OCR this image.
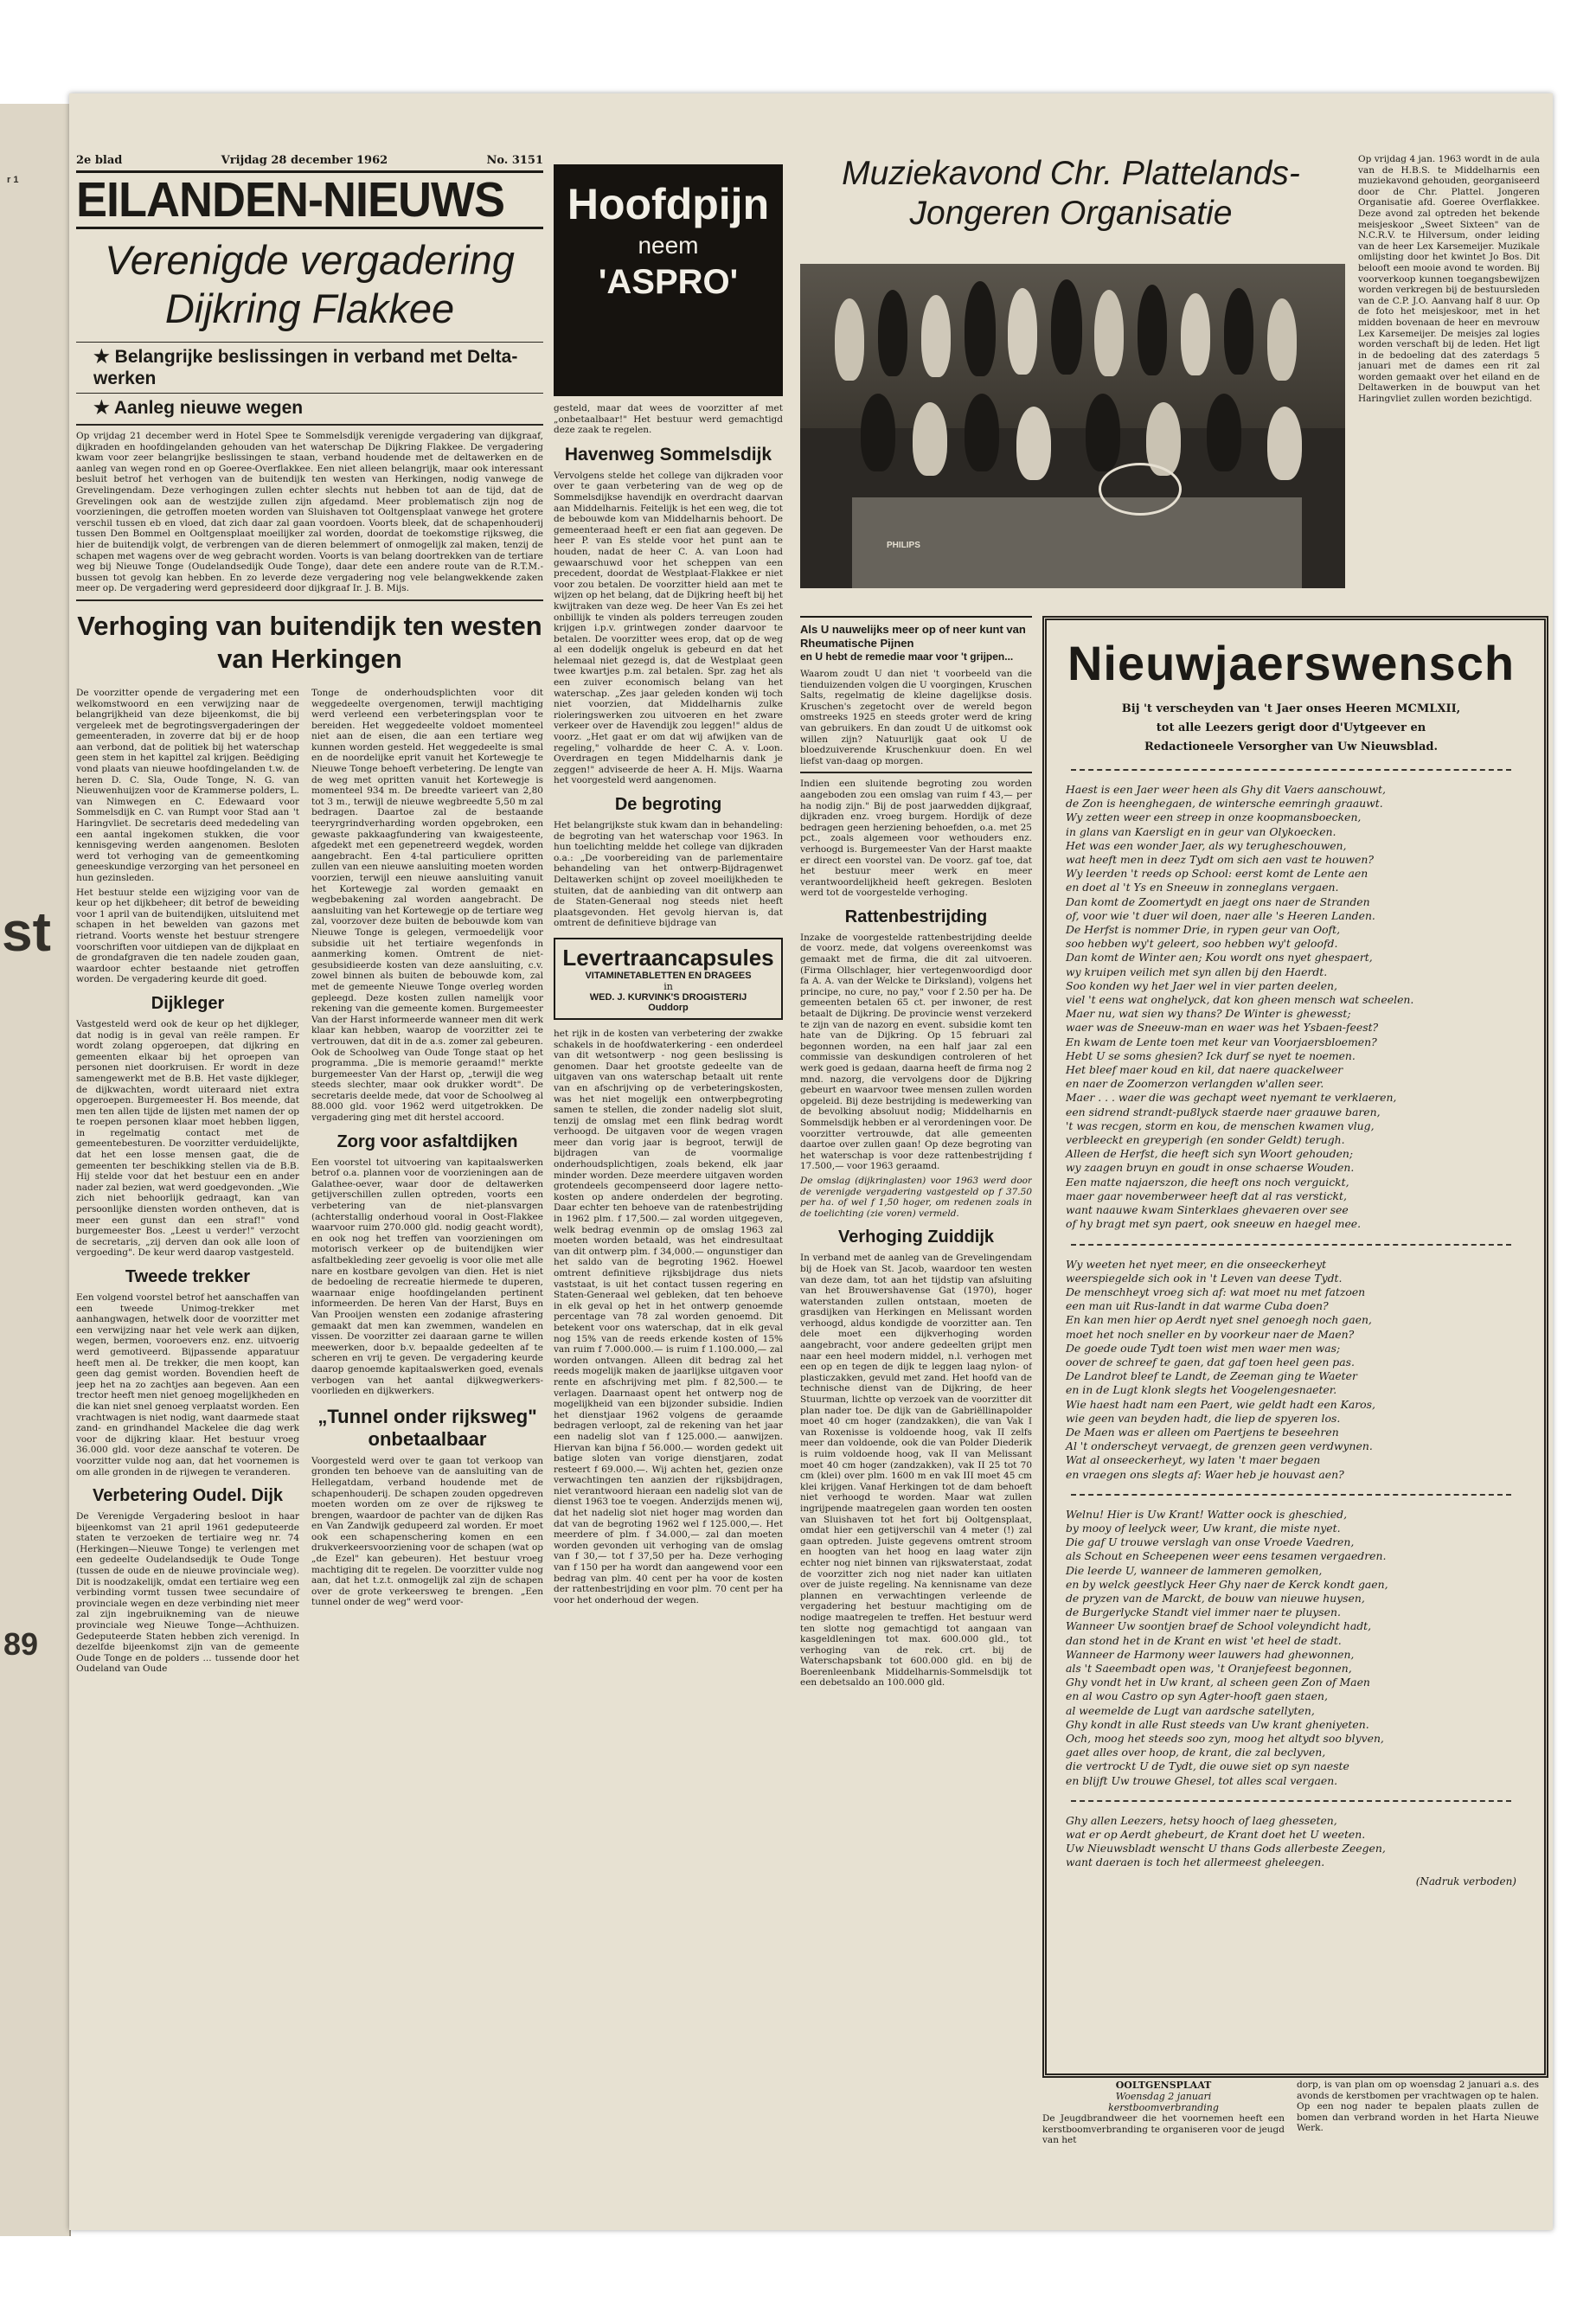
r 1
st
89
2e blad	Vrijdag 28 december 1962	No. 3151
EILANDEN-NIEUWS
Verenigde vergadering Dijkring Flakkee
★ Belangrijke beslissingen in verband met Delta-werken
★ Aanleg nieuwe wegen

Op vrijdag 21 december werd in Hotel Spee te Sommelsdijk verenigde vergadering van dijkgraaf, dijkraden en hoofdingelanden gehouden van het waterschap De Dijkring Flakkee. De vergadering kwam voor zeer belangrijke beslissingen te staan, verband houdende met de deltawerken en de aanleg van wegen rond en op Goeree-Overflakkee. Een niet alleen belangrijk, maar ook interessant besluit betrof het verhogen van de buitendijk ten westen van Herkingen, nodig vanwege de Grevelingendam. Deze verhogingen zullen echter slechts nut hebben tot aan de tijd, dat de Grevelingen ook aan de westzijde zullen zijn afgedamd. Meer problematisch zijn nog de voorzieningen, die getroffen moeten worden van Sluishaven tot Ooltgensplaat vanwege het grotere verschil tussen eb en vloed, dat zich daar zal gaan voordoen. Voorts bleek, dat de schapenhouderij tussen Den Bommel en Ooltgensplaat moeilijker zal worden, doordat de toekomstige rijksweg, die hier de buitendijk volgt, de verbrengen van de dieren belemmert of onmogelijk zal maken, tenzij de schapen met wagens over de weg gebracht worden. Voorts is van belang doortrekken van de tertiare weg bij Nieuwe Tonge (Oudelandsedijk Oude Tonge), daar dete een andere route van de R.T.M.-bussen tot gevolg kan hebben. En zo leverde deze vergadering nog vele belangwekkende zaken meer op. De vergadering werd gepresideerd door dijkgraaf Ir. J. B. Mijs.

Verhoging van buitendijk ten westen van Herkingen

De voorzitter opende de vergadering met een welkomstwoord en een verwijzing naar de belangrijkheid van deze bijeenkomst, die bij vergeleek met de begrotingsvergaderingen der gemeenteraden, in zoverre dat bij er de hoop aan verbond, dat de politiek bij het waterschap geen stem in het kapittel zal krijgen. Beëdiging vond plaats van nieuwe hoofdingelanden t.w. de heren D. C. Sla, Oude Tonge, N. G. van Nieuwenhuijzen voor de Krammerse polders, L. van Nimwegen en C. Edewaard voor Sommelsdijk en C. van Rumpt voor Stad aan 't Haringvliet. De secretaris deed mededeling van een aantal ingekomen stukken, die voor kennisgeving werden aangenomen. Besloten werd tot verhoging van de gemeentkoming geneeskundige verzorging van het personeel en hun gezinsleden.

Het bestuur stelde een wijziging voor van de keur op het dijkbeheer; dit betrof de beweiding voor 1 april van de buitendijken, uitsluitend met schapen in het bewelden van gazons met rietrand. Voorts wenste het bestuur strengere voorschriften voor uitdiepen van de dijkplaat en de grondafgraven die ten nadele zouden gaan, waardoor echter bestaande niet getroffen worden. De vergadering keurde dit goed.

Dijkleger

Vastgesteld werd ook de keur op het dijkleger, dat nodig is in geval van reële rampen. Er wordt zolang opgeroepen, dat dijkring en gemeenten elkaar bij het oproepen van personen niet doorkruisen. Er wordt in deze samengewerkt met de B.B. Het vaste dijkleger, de dijkwachten, wordt uiteraard niet extra opgeroepen. Burgemeester H. Bos meende, dat men ten allen tijde de lijsten met namen der op te roepen personen klaar moet hebben liggen, in regelmatig contact met de gemeentebesturen. De voorzitter verduidelijkte, dat het een losse mensen gaat, die de gemeenten ter beschikking stellen via de B.B. Hij stelde voor dat het bestuur een en ander nader zal bezien, wat werd goedgevonden. „Wie zich niet behoorlijk gedraagt, kan van persoonlijke diensten worden ontheven, dat is meer een gunst dan een straf!" vond burgemeester Bos. „Leest u verder!" verzocht de secretaris, „zij derven dan ook alle loon of vergoeding". De keur werd daarop vastgesteld.

Tweede trekker

Een volgend voorstel betrof het aanschaffen van een tweede Unimog-trekker met aanhangwagen, hetwelk door de voorzitter met een verwijzing naar het vele werk aan dijken, wegen, bermen, vooroevers enz. enz. uitvoerig werd gemotiveerd. Bijpassende apparatuur heeft men al. De trekker, die men koopt, kan geen dag gemist worden. Bovendien heeft de jeep het na zo zachtjes aan begeven. Aan een trector heeft men niet genoeg mogelijkheden en die kan niet snel genoeg verplaatst worden. Een vrachtwagen is niet nodig, want daarmede staat zand- en grindhandel Mackelee die dag werk voor de dijkring klaar. Het bestuur vroeg 36.000 gld. voor deze aanschaf te voteren. De voorzitter vulde nog aan, dat het voornemen is om alle gronden in de rijwegen te veranderen.

Verbetering Oudel. Dijk

De Verenigde Vergadering besloot in haar bijeenkomst van 21 april 1961 gedeputeerde staten te verzoeken de tertiaire weg nr. 74 (Herkingen—Nieuwe Tonge) te verlengen met een gedeelte Oudelandsedijk te Oude Tonge (tussen de oude en de nieuwe provinciale weg). Dit is noodzakelijk, omdat een tertiaire weg een verbinding vormt tussen twee secundaire of provinciale wegen en deze verbinding niet meer zal zijn ingebruikneming van de nieuwe provinciale weg Nieuwe Tonge—Achthuizen. Gedeputeerde Staten hebben zich verenigd. In dezelfde bijeenkomst zijn van de gemeente Oude Tonge en de polders ... tussende door het Oudeland van Oude

Tonge de onderhoudsplichten voor dit weggedeelte overgenomen, terwijl machtiging werd verleend een verbeteringsplan voor te bereiden. Het weggedeelte voldoet momenteel niet aan de eisen, die aan een tertiare weg kunnen worden gesteld. Het weggedeelte is smal en de noordelijke eprit vanuit het Kortewegje te Nieuwe Tonge behoeft verbetering. De lengte van de weg met opritten vanuit het Kortewegje is momenteel 934 m. De breedte varieert van 2,80 tot 3 m., terwijl de nieuwe wegbreedte 5,50 m zal bedragen. Daartoe zal de bestaande teeryrgrindverharding worden opgebroken, een gewaste pakkaagfundering van kwaigesteente, afgedekt met een gepenetreerd wegdek, worden aangebracht. Een 4-tal particuliere opritten zullen van een nieuwe aansluiting moeten worden voorzien, terwijl een nieuwe aansluiting vanuit het Kortewegje zal worden gemaakt en wegbebakening zal worden aangebracht. De aansluiting van het Kortewegje op de tertiare weg zal, voorzover deze buiten de bebouwde kom van Nieuwe Tonge is gelegen, vermoedelijk voor subsidie uit het tertiaire wegenfonds in aanmerking komen. Omtrent de niet-gesubsidieerde kosten van deze aansluiting, c.v. zowel binnen als buiten de bebouwde kom, zal met de gemeente Nieuwe Tonge overleg worden gepleegd. Deze kosten zullen namelijk voor rekening van die gemeente komen. Burgemeester Van der Harst informeerde wanneer men dit werk klaar kan hebben, waarop de voorzitter zei te vertrouwen, dat dit in de a.s. zomer zal gebeuren. Ook de Schoolweg van Oude Tonge staat op het programma. „Die is memorie geraamd!" merkte burgemeester Van der Harst op, „terwijl die weg steeds slechter, maar ook drukker wordt". De secretaris deelde mede, dat voor de Schoolweg al 88.000 gld. voor 1962 werd uitgetrokken. De vergadering ging met dit herstel accoord.

Zorg voor asfaltdijken

Een voorstel tot uitvoering van kapitaalswerken betrof o.a. plannen voor de voorzieningen aan de Galathee-oever, waar door de deltawerken getijverschillen zullen optreden, voorts een verbetering van de niet-plansvargen (achterstallig onderhoud vooral in Oost-Flakkee waarvoor ruim 270.000 gld. nodig geacht wordt), en ook nog het treffen van voorzieningen om motorisch verkeer op de buitendijken wier asfaltbekleding zeer gevoelig is voor olie met alle nare en kostbare gevolgen van dien. Het is niet de bedoeling de recreatie hiermede te duperen, waarnaar enige hoofdingelanden pertinent informeerden. De heren Van der Harst, Buys en Van Prooijen wensten een zodanige afrastering gemaakt dat men kan zwemmen, wandelen en vissen. De voorzitter zei daaraan garne te willen meewerken, door b.v. bepaalde gedeelten af te scheren en vrij te geven. De vergadering keurde daarop genoemde kapitaalswerken goed, evenals verbogen van het aantal dijkwegwerkers-voorlieden en dijkwerkers.

„Tunnel onder rijksweg" onbetaalbaar

Voorgesteld werd over te gaan tot verkoop van gronden ten behoeve van de aansluiting van de Hellegatdam, verband houdende met de schapenhouderij. De schapen zouden opgedreven moeten worden om ze over de rijksweg te brengen, waardoor de pachter van de dijken Ras en Van Zandwijk gedupeerd zal worden. Er moet ook een schapenschering komen en een drukverkeersvoorziening voor de schapen (wat op „de Ezel" kan gebeuren). Het bestuur vroeg machtiging dit te regelen. De voorzitter vulde nog aan, dat het t.z.t. onmogelijk zal zijn de schapen over de grote verkeersweg te brengen. „Een tunnel onder de weg" werd voor-

Hoofdpijn
neem
'ASPRO'

gesteld, maar dat wees de voorzitter af met „onbetaalbaar!" Het bestuur werd gemachtigd deze zaak te regelen.

Havenweg Sommelsdijk

Vervolgens stelde het college van dijkraden voor over te gaan verbetering van de weg op de Sommelsdijkse havendijk en overdracht daarvan aan Middelharnis. Feitelijk is het een weg, die tot de bebouwde kom van Middelharnis behoort. De gemeenteraad heeft er een fiat aan gegeven. De heer P. van Es stelde voor het punt aan te houden, nadat de heer C. A. van Loon had gewaarschuwd voor het scheppen van een precedent, doordat de Westplaat-Flakkee er niet voor zou betalen. De voorzitter hield aan met te wijzen op het belang, dat de Dijkring heeft bij het kwijtraken van deze weg. De heer Van Es zei het onbillijk te vinden als polders terreugen zouden krijgen i.p.v. grintwegen zonder daarvoor te betalen. De voorzitter wees erop, dat op de weg al een dodelijk ongeluk is gebeurd en dat het helemaal niet gezegd is, dat de Westplaat geen twee kwartjes p.m. zal betalen. Spr. zag het als een zuiver economisch belang van het waterschap. „Zes jaar geleden konden wij toch niet voorzien, dat Middelharnis zulke rioleringswerken zou uitvoeren en het zware verkeer over de Havendijk zou leggen!" aldus de voorz. „Het gaat er om dat wij afwijken van de regeling," volhardde de heer C. A. v. Loon. Overdragen en tegen Middelharnis dank je zeggen!" adviseerde de heer A. H. Mijs. Waarna het voorgesteld werd aangenomen.

De begroting

Het belangrijkste stuk kwam dan in behandeling: de begroting van het waterschap voor 1963. In hun toelichting meldde het college van dijkraden o.a.: „De voorbereiding van de parlementaire behandeling van het ontwerp-Bijdragenwet Deltawerken schijnt op zoveel moeilijkheden te stuiten, dat de aanbieding van dit ontwerp aan de Staten-Generaal nog steeds niet heeft plaatsgevonden. Het gevolg hiervan is, dat omtrent de definitieve bijdrage van

Levertraancapsules
VITAMINETABLETTEN EN DRAGEES
in
WED. J. KURVINK'S DROGISTERIJ
Ouddorp

het rijk in de kosten van verbetering der zwakke schakels in de hoofdwaterkering - een onderdeel van dit wetsontwerp - nog geen beslissing is genomen. Daar het grootste gedeelte van de uitgaven van ons waterschap betaalt uit rente van en afschrijving op de verbeteringskosten, was het niet mogelijk een ontwerpbegroting samen te stellen, die zonder nadelig slot sluit, tenzij de omslag met een flink bedrag wordt verhoogd. De uitgaven voor de wegen vragen meer dan vorig jaar is begroot, terwijl de bijdragen van de voormalige onderhoudsplichtigen, zoals bekend, elk jaar minder worden. Deze meerdere uitgaven worden grotendeels gecompenseerd door lagere netto-kosten op andere onderdelen der begroting. Daar echter ten behoeve van de ratenbestrijding in 1962 plm. f 17,500.— zal worden uitgegeven, welk bedrag evenmin op de omslag 1963 zal moeten worden betaald, was het eindresultaat van dit ontwerp plm. f 34,000.— ongunstiger dan het saldo van de begroting 1962. Hoewel omtrent definitieve rijksbijdrage dus niets vaststaat, is uit het contact tussen regering en Staten-Generaal wel gebleken, dat ten behoeve in elk geval op het in het ontwerp genoemde percentage van 78 zal worden genoemd. Dit betekent voor ons waterschap, dat in elk geval nog 15% van de reeds erkende kosten of 15% van ruim f 7.000.000.— is ruim f 1.100.000,— zal worden ontvangen. Alleen dit bedrag zal het reeds mogelijk maken de jaarlijkse uitgaven voor rente en afschrijving met plm. f 82,500.— te verlagen. Daarnaast opent het ontwerp nog de mogelijkheid van een bijzonder subsidie. Indien het dienstjaar 1962 volgens de geraamde bedragen verloopt, zal de rekening van het jaar een nadelig slot van f 125.000.— aanwijzen. Hiervan kan bijna f 56.000.— worden gedekt uit batige sloten van vorige dienstjaren, zodat resteert f 69.000.—. Wij achten het, gezien onze verwachtingen ten aanzien der rijksbijdragen, niet verantwoord hieraan een nadelig slot van de dienst 1963 toe te voegen. Anderzijds menen wij, dat het nadelig slot niet hoger mag worden dan dat van de begroting 1962 wel f 125.000,—. Het meerdere of plm. f 34.000,— zal dan moeten worden gevonden uit verhoging van de omslag van f 30,— tot f 37,50 per ha. Deze verhoging van f 150 per ha wordt dan aangewend voor een bedrag van plm. 40 cent per ha voor de kosten der rattenbestrijding en voor plm. 70 cent per ha voor het onderhoud der wegen.

Muziekavond Chr. Plattelands-Jongeren Organisatie
PHILIPS
Als U nauwelijks meer op of neer kunt van Rheumatische Pijnen
en U hebt de remedie maar voor 't grijpen...

Waarom zoudt U dan niet 't voorbeeld van die tienduizenden volgen die U voorgingen, Kruschen Salts, regelmatig de kleine dagelijkse dosis. Kruschen's zegetocht over de wereld begon omstreeks 1925 en steeds groter werd de kring van gebruikers. En dan zoudt U de uitkomst ook willen zijn? Natuurlijk gaat ook U de bloedzuiverende Kruschenkuur doen. En wel liefst van-daag op morgen.

Indien een sluitende begroting zou worden aangeboden zou een omslag van ruim f 43,— per ha nodig zijn." Bij de post jaarwedden dijkgraaf, dijkraden enz. vroeg burgem. Hordijk of deze bedragen geen herziening behoefden, o.a. met 25 pct., zoals algemeen voor wethouders enz. verhoogd is. Burgemeester Van der Harst maakte er direct een voorstel van. De voorz. gaf toe, dat het bestuur meer werk en meer verantwoordelijkheid heeft gekregen. Besloten werd tot de voorgestelde verhoging.

Rattenbestrijding

Inzake de voorgestelde rattenbestrijding deelde de voorz. mede, dat volgens overeenkomst was gemaakt met de firma, die dit zal uitvoeren. (Firma Ollschlager, hier vertegenwoordigd door fa A. A. van der Welcke te Dirksland), volgens het principe, no cure, no pay," voor f 2.50 per ha. De gemeenten betalen 65 ct. per inwoner, de rest betaalt de Dijkring. De provincie wenst verzekerd te zijn van de nazorg en event. subsidie komt ten hate van de Dijkring. Op 15 februari zal begonnen worden, na een half jaar zal een commissie van deskundigen controleren of het werk goed is gedaan, daarna heeft de firma nog 2 mnd. nazorg, die vervolgens door de Dijkring gebeurt en waarvoor twee mensen zullen worden opgeleid. Bij deze bestrijding is medewerking van de bevolking absoluut nodig; Middelharnis en Sommelsdijk hebben er al verordeningen voor. De voorzitter vertrouwde, dat alle gemeenten daartoe over zullen gaan! Op deze begroting van het waterschap is voor deze rattenbestrijding f 17.500,— voor 1963 geraamd.

De omslag (dijkringlasten) voor 1963 werd door de verenigde vergadering vastgesteld op f 37.50 per ha. of wel f 1,50 hoger, om redenen zoals in de toelichting (zie voren) vermeld.

Verhoging Zuiddijk

In verband met de aanleg van de Grevelingendam bij de Hoek van St. Jacob, waardoor ten westen van deze dam, tot aan het tijdstip van afsluiting van het Brouwershavense Gat (1970), hoger waterstanden zullen ontstaan, moeten de grasdijken van Herkingen en Melissant worden verhoogd, aldus kondigde de voorzitter aan. Ten dele moet een dijkverhoging worden aangebracht, voor andere gedeelten grijpt men naar een heel modern middel, n.l. verhogen met een op en tegen de dijk te leggen laag nylon- of plasticzakken, gevuld met zand. Het hoofd van de technische dienst van de Dijkring, de heer Stuurman, lichtte op verzoek van de voorzitter dit plan nader toe. De dijk van de Gabriëllinapolder moet 40 cm hoger (zandzakken), die van Vak I van Roxenisse is voldoende hoog, vak II zelfs meer dan voldoende, ook die van Polder Diederik is ruim voldoende hoog, vak II van Melissant moet 40 cm hoger (zandzakken), vak II 25 tot 70 cm (klei) over plm. 1600 m en vak III moet 45 cm klei krijgen. Vanaf Herkingen tot de dam behoeft niet verhoogd te worden. Maar wat zullen ingrijpende maatregelen gaan worden ten oosten van Sluishaven tot het fort bij Ooltgensplaat, omdat hier een getijverschil van 4 meter (!) zal gaan optreden. Juiste gegevens omtrent stroom en hoogten van het hoog en laag water zijn echter nog niet binnen van rijkswaterstaat, zodat de voorzitter zich nog niet nader kan uitlaten over de juiste regeling. Na kennisname van deze plannen en verwachtingen verleende de vergadering het bestuur machtiging om de nodige maatregelen te treffen. Het bestuur werd ten slotte nog gemachtigd tot aangaan van kasgeldleningen tot max. 600.000 gld., tot verhoging van de rek. crt. bij de Waterschapsbank tot 600.000 gld. en bij de Boerenleenbank Middelharnis-Sommelsdijk tot een debetsaldo an 100.000 gld.

Op vrijdag 4 jan. 1963 wordt in de aula van de H.B.S. te Middelharnis een muziekavond gehouden, georganiseerd door de Chr. Plattel. Jongeren Organisatie afd. Goeree Overflakkee. Deze avond zal optreden het bekende meisjeskoor „Sweet Sixteen" van de N.C.R.V. te Hilversum, onder leiding van de heer Lex Karsemeijer. Muzikale omlijsting door het kwintet Jo Bos. Dit belooft een mooie avond te worden. Bij voorverkoop kunnen toegangsbewijzen worden verkregen bij de bestuursleden van de C.P. J.O. Aanvang half 8 uur. Op de foto het meisjeskoor, met in het midden bovenaan de heer en mevrouw Lex Karsemeijer. De meisjes zal logies worden verschaft bij de leden. Het ligt in de bedoeling dat des zaterdags 5 januari met de dames een rit zal worden gemaakt over het eiland en de Deltawerken in de bouwput van het Haringvliet zullen worden bezichtigd.

Nieuwjaerswensch
Bij 't verscheyden van 't Jaer onses Heeren MCMLXII,
tot alle Leezers gerigt door d'Uytgeever en
Redactioneele Versorgher van Uw Nieuwsblad.

Haest is een Jaer weer heen als Ghy dit Vaers aanschouwt,
de Zon is heenghegaen, de wintersche eemringh graauwt.
Wy zetten weer een streep in onze koopmansboecken,
in glans van Kaersligt en in geur van Olykoecken.
Het was een wonder Jaer, als wy terugheschouwen,
wat heeft men in deez Tydt om sich aen vast te houwen?
Wy leerden 't reeds op School: eerst komt de Lente aen
en doet al 't Ys en Sneeuw in zonneglans vergaen.
Dan komt de Zoomertydt en jaegt ons naer de Stranden
of, voor wie 't duer wil doen, naer alle 's Heeren Landen.
De Herfst is nommer Drie, in rypen geur van Ooft,
soo hebben wy't geleert, soo hebben wy't geloofd.
Dan komt de Winter aen; Kou wordt ons nyet ghespaert,
wy kruipen veilich met syn allen bij den Haerdt.
Soo konden wy het Jaer wel in vier parten deelen,
viel 't eens wat onghelyck, dat kon gheen mensch wat scheelen.
Maer nu, wat sien wy thans? De Winter is ghewesst;
waer was de Sneeuw-man en waer was het Ysbaen-feest?
En kwam de Lente toen met keur van Voorjaersbloemen?
Hebt U se soms ghesien? Ick durf se nyet te noemen.
Het bleef maer koud en kil, dat naere quackelweer
en naer de Zoomerzon verlangden w'allen seer.
Maer . . . waer die was gechapt weet nyemant te verklaeren,
een sidrend strandt-pu8lyck staerde naer graauwe baren,
't was recgen, storm en kou, de menschen kwamen vlug,
verbleeckt en greyperigh (en sonder Geldt) terugh.
Alleen de Herfst, die heeft sich syn Woort gehouden;
wy zaagen bruyn en goudt in onse schaerse Wouden.
Een matte najaerszon, die heeft ons noch verguickt,
maer gaar novemberweer heeft dat al ras verstickt,
want naauwe kwam Sinterklaes ghevaeren over see
of hy bragt met syn paert, ook sneeuw en haegel mee.

Wy weeten het nyet meer, en die onseeckerheyt
weerspiegelde sich ook in 't Leven van deese Tydt.
De menschheyt vroeg sich af: wat moet nu met fatzoen
een man uit Rus-landt in dat warme Cuba doen?
En kan men hier op Aerdt nyet snel genoegh noch gaen,
moet het noch sneller en by voorkeur naer de Maen?
De goede oude Tydt toen wist men waer men was;
oover de schreef te gaen, dat gaf toen heel geen pas.
De Landrot bleef te Landt, de Zeeman ging te Waeter
en in de Lugt klonk slegts het Voogelengesnaeter.
Wie haest hadt nam een Paert, wie geldt hadt een Karos,
wie geen van beyden hadt, die liep de spyeren los.
De Maen was er alleen om Paertjens te beseehren
Al 't onderscheyt vervaegt, de grenzen geen verdwynen.
Wat al onseeckerheyt, wy laten 't maer begaen
en vraegen ons slegts af: Waer heb je houvast aen?

Welnu! Hier is Uw Krant! Watter oock is gheschied,
by mooy of leelyck weer, Uw krant, die miste nyet.
Die gaf U trouwe verslagh van onse Vroede Vaedren,
als Schout en Scheepenen weer eens tesamen vergaedren.
Die leerde U, wanneer de lammeren gemolken,
en by welck geestlyck Heer Ghy naer de Kerck kondt gaen,
de pryzen van de Marckt, de bouw van nieuwe huysen,
de Burgerlycke Standt viel immer naer te pluysen.
Wanneer Uw soontjen braef de School voleyndicht hadt,
dan stond het in de Krant en wist 'et heel de stadt.
Wanneer de Harmony weer lauwers had ghewonnen,
als 't Saeembadt open was, 't Oranjefeest begonnen,
Ghy vondt het in Uw krant, al scheen geen Zon of Maen
en al wou Castro op syn Agter-hooft gaen staen,
al weemelde de Lugt van aardsche satellyten,
Ghy kondt in alle Rust steeds van Uw krant gheniyeten.
Och, moog het steeds soo zyn, moog het altydt soo blyven,
gaet alles over hoop, de krant, die zal beclyven,
die vertrockt U de Tydt, die ouwe siet op syn naeste
en blijft Uw trouwe Ghesel, tot alles scal vergaen.

Ghy allen Leezers, hetsy hooch of laeg ghesseten,
wat er op Aerdt ghebeurt, de Krant doet het U weeten.
Uw Nieuwsbladt wenscht U thans Gods allerbeste Zeegen,
want daeraen is toch het allermeest gheleegen.

(Nadruk verboden)
OOLTGENSPLAAT
Woensdag 2 januari
kerstboomverbranding

De Jeugdbrandweer die het voornemen heeft een kerstboomverbranding te organiseren voor de jeugd van het

dorp, is van plan om op woensdag 2 januari a.s. des avonds de kerstbomen per vrachtwagen op te halen. Op een nog nader te bepalen plaats zullen de bomen dan verbrand worden in het Harta Nieuwe Werk.
